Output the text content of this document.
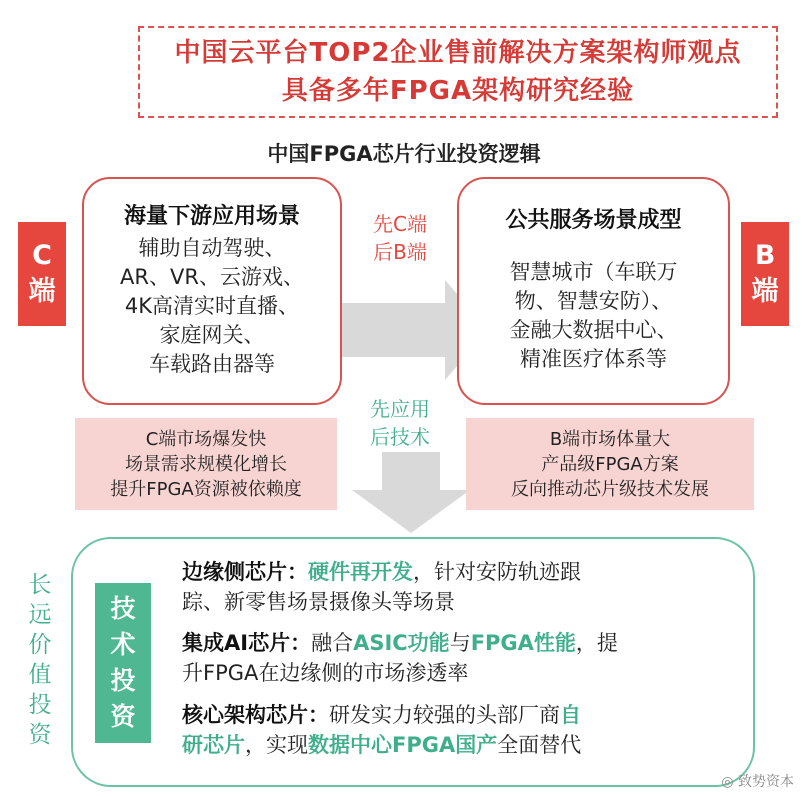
中国云平台TOP2企业售前解决方案架构师观点
具备多年FPGA架构研究经验
中国FPGA芯片行业投资逻辑
C
端
B
端
海量下游应用场景
辅助自动驾驶、
AR、VR、云游戏、
4K高清实时直播、
家庭网关、
车载路由器等
公共服务场景成型
智慧城市（车联万
物、智慧安防）、
金融大数据中心、
精准医疗体系等
先C端
后B端
先应用
后技术
C端市场爆发快
场景需求规模化增长
提升FPGA资源被依赖度
B端市场体量大
产品级FPGA方案
反向推动芯片级技术发展
长
远
价
值
投
资
技
术
投
资
边缘侧芯片：硬件再开发，针对安防轨迹跟
踪、新零售场景摄像头等场景
集成AI芯片：融合ASIC功能与FPGA性能，提
升FPGA在边缘侧的市场渗透率
核心架构芯片：研发实力较强的头部厂商自
研芯片，实现数据中心FPGA国产全面替代
◎ 致势资本
